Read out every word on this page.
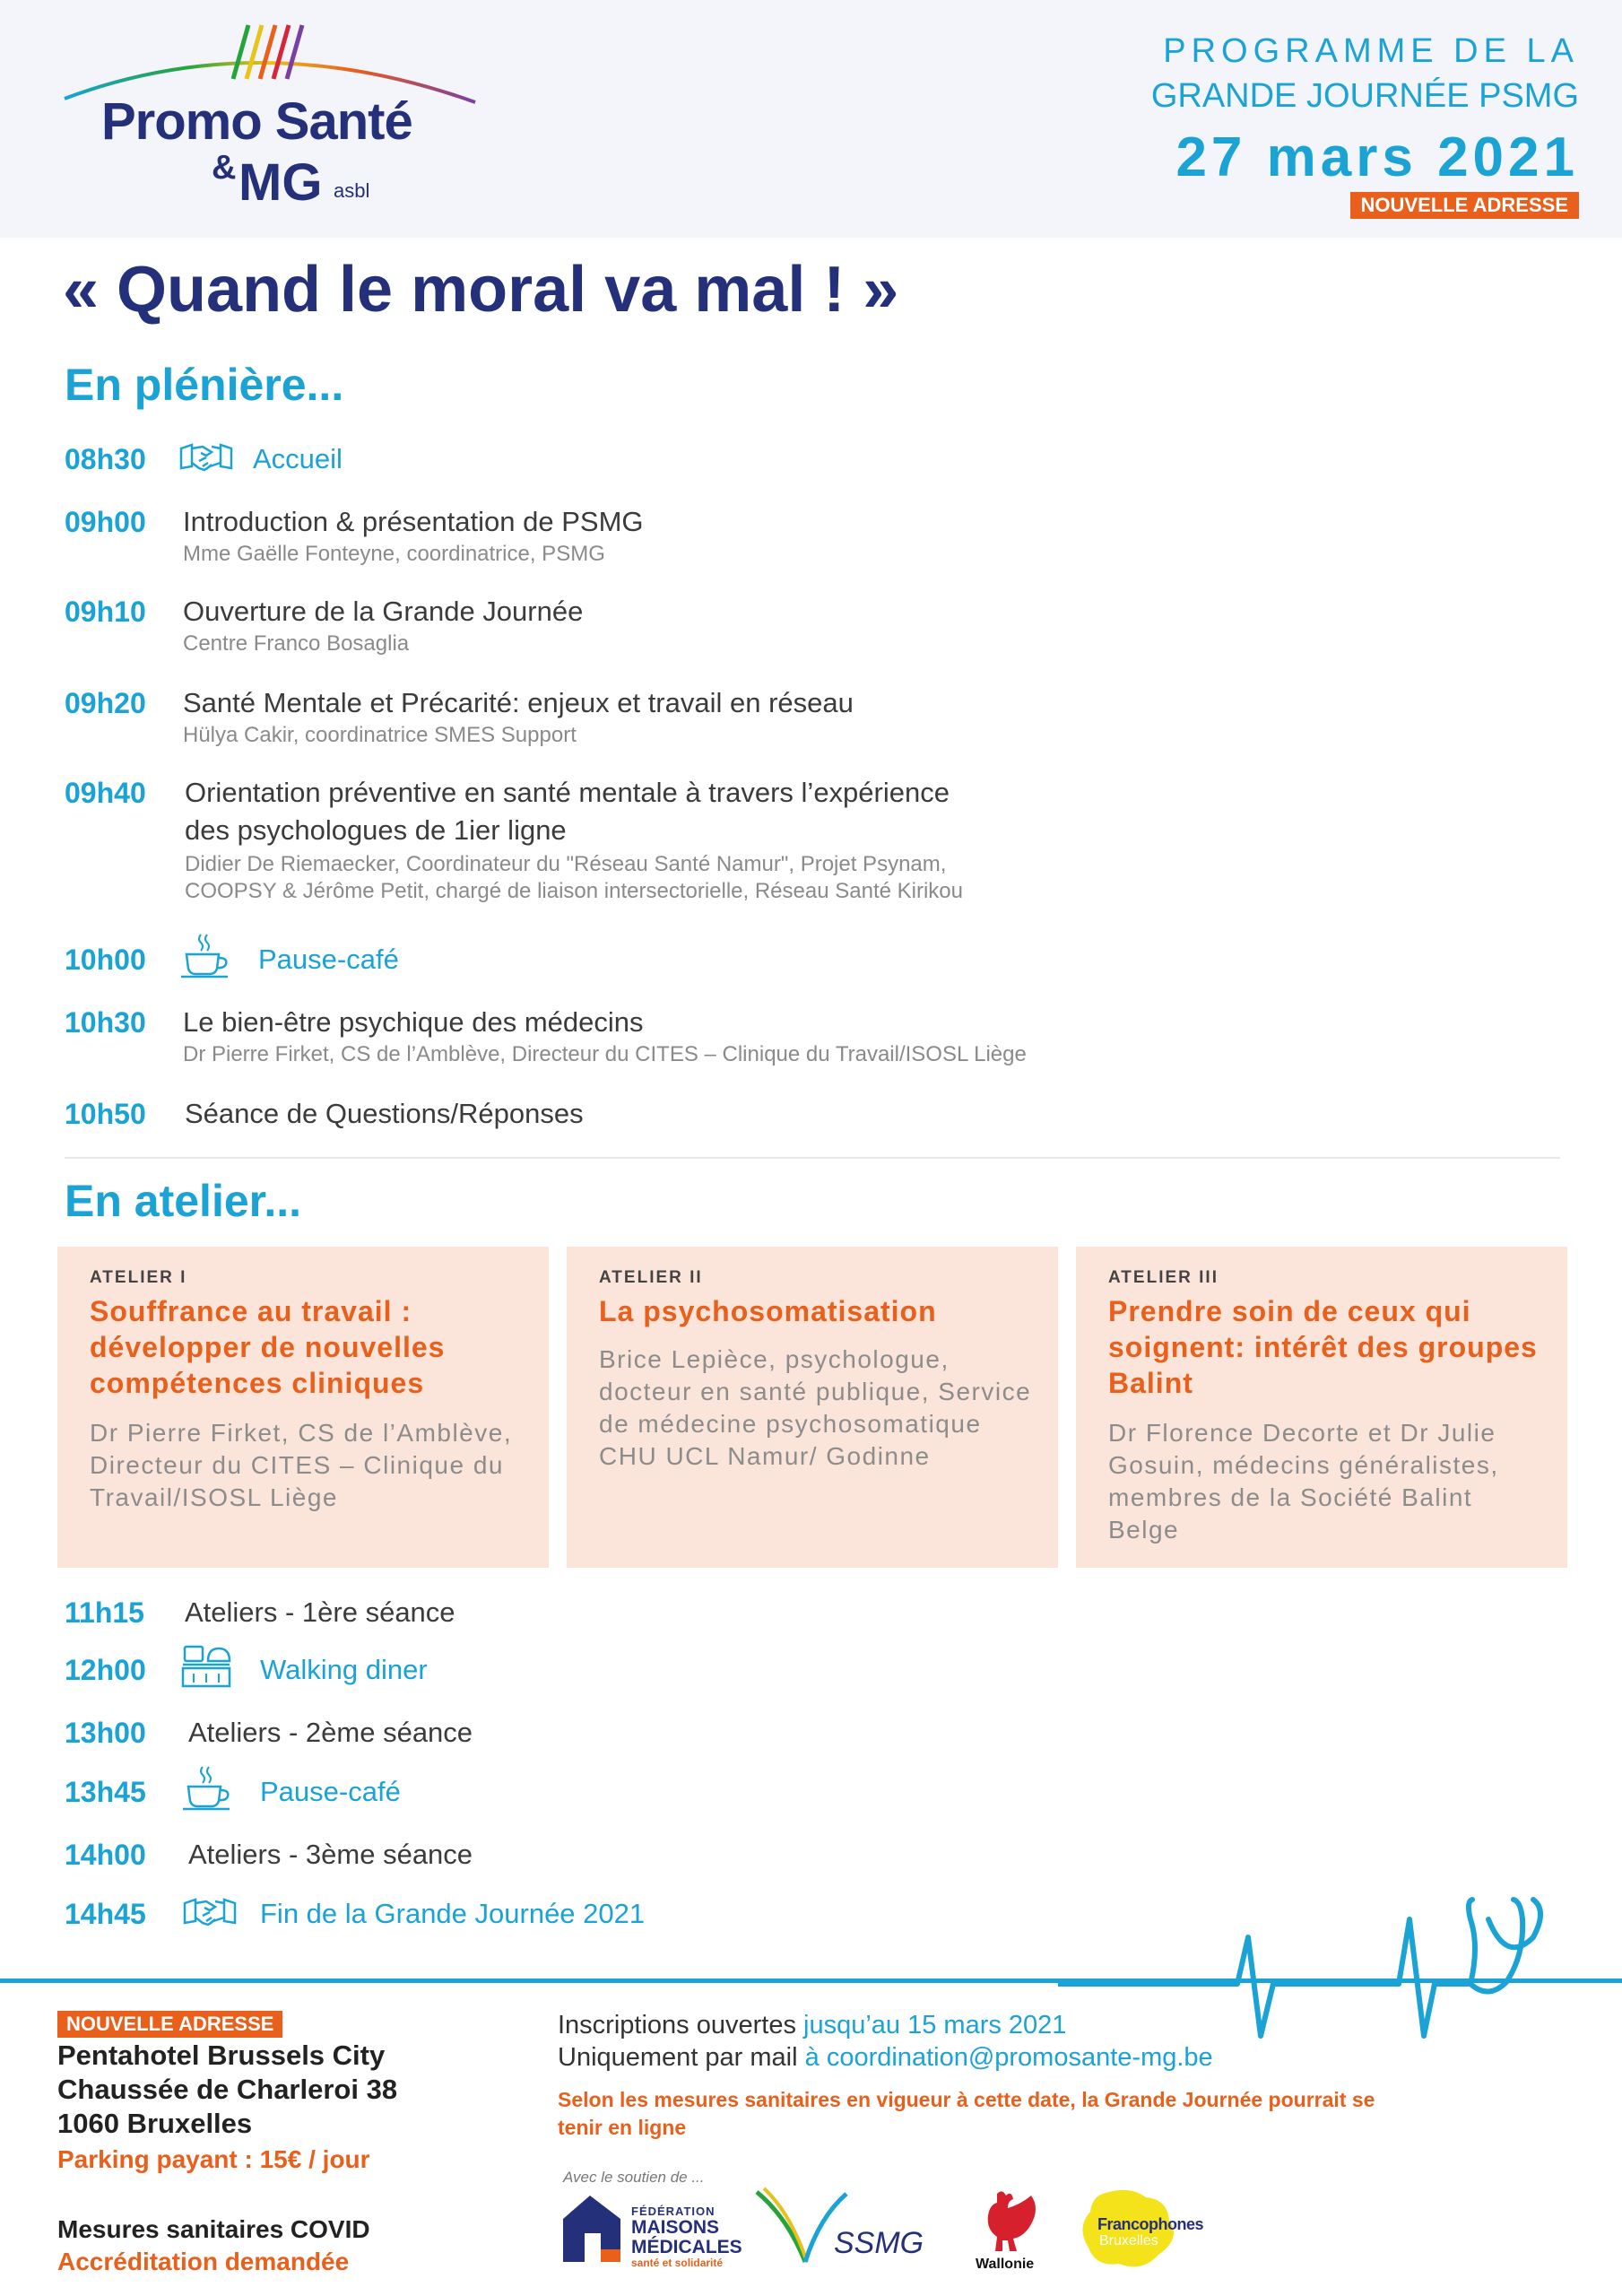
Promo Santé
& MG asbl
PROGRAMME DE LA
GRANDE JOURNÉE PSMG
27 mars 2021
NOUVELLE ADRESSE
« Quand le moral va mal ! »
En plénière...
08h30	Accueil
09h00 Introduction & présentation de PSMG
Mme Gaëlle Fonteyne, coordinatrice, PSMG
09h10 Ouverture de la Grande Journée
Centre Franco Bosaglia
09h20 Santé Mentale et Précarité: enjeux et travail en réseau
Hülya Cakir, coordinatrice SMES Support
09h40 Orientation préventive en santé mentale à travers l’expérience
des psychologues de 1ier ligne
Didier De Riemaecker, Coordinateur du "Réseau Santé Namur", Projet Psynam,
COOPSY & Jérôme Petit, chargé de liaison intersectorielle, Réseau Santé Kirikou
10h00	Pause-café
10h30 Le bien-être psychique des médecins
Dr Pierre Firket, CS de l’Amblève, Directeur du CITES – Clinique du Travail/ISOSL Liège
10h50 Séance de Questions/Réponses
En atelier...
ATELIER I
Souffrance au travail : développer de nouvelles compétences cliniques
Dr Pierre Firket, CS de l’Amblève, Directeur du CITES – Clinique du Travail/ISOSL Liège
ATELIER II
La psychosomatisation
Brice Lepièce, psychologue, docteur en santé publique, Service de médecine psychosomatique CHU UCL Namur/ Godinne
ATELIER III
Prendre soin de ceux qui soignent: intérêt des groupes Balint
Dr Florence Decorte et Dr Julie Gosuin, médecins généralistes, membres de la Société Balint Belge
11h15 Ateliers - 1ère séance
12h00	Walking diner
13h00 Ateliers - 2ème séance
13h45	Pause-café
14h00 Ateliers - 3ème séance
14h45	Fin de la Grande Journée 2021
NOUVELLE ADRESSE
Pentahotel Brussels City
Chaussée de Charleroi 38
1060 Bruxelles
Parking payant : 15€ / jour
Mesures sanitaires COVID
Accréditation demandée
Inscriptions ouvertes jusqu’au 15 mars 2021
Uniquement par mail à coordination@promosante-mg.be
Selon les mesures sanitaires en vigueur à cette date, la Grande Journée pourrait se tenir en ligne
Avec le soutien de ...
FÉDÉRATION
MAISONS
MÉDICALES
santé et solidarité
SSMG
Wallonie
Francophones
Bruxelles
